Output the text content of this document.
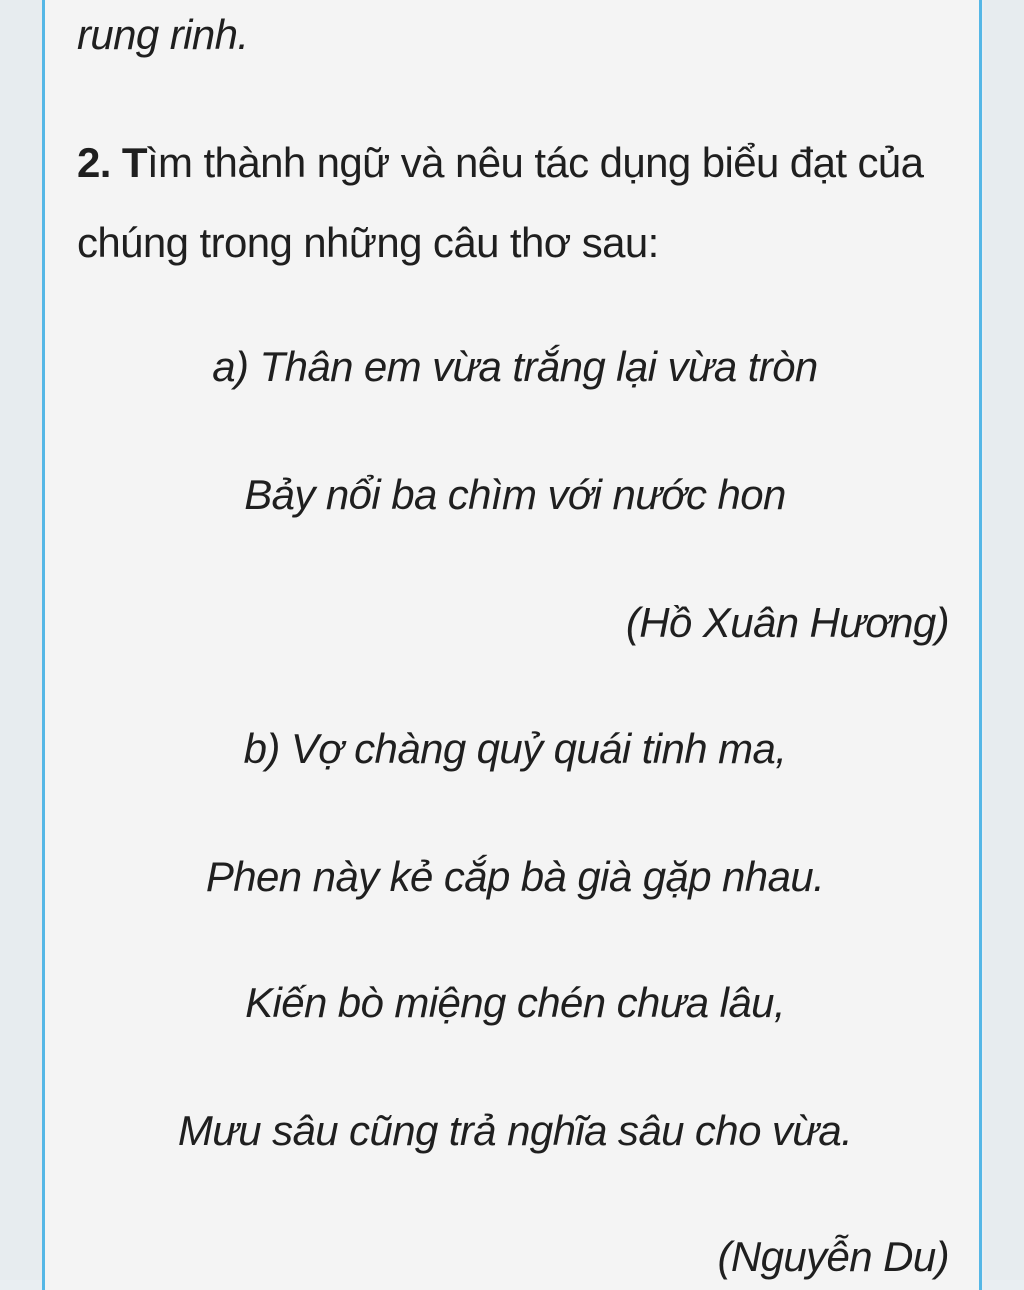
rung rinh.

2. Tìm thành ngữ và nêu tác dụng biểu đạt của

chúng trong những câu thơ sau:

a) Thân em vừa trắng lại vừa tròn

Bảy nổi ba chìm với nước hon

(Hồ Xuân Hương)

b) Vợ chàng quỷ quái tinh ma,

Phen này kẻ cắp bà già gặp nhau.

Kiến bò miệng chén chưa lâu,

Mưu sâu cũng trả nghĩa sâu cho vừa.

(Nguyễn Du)
